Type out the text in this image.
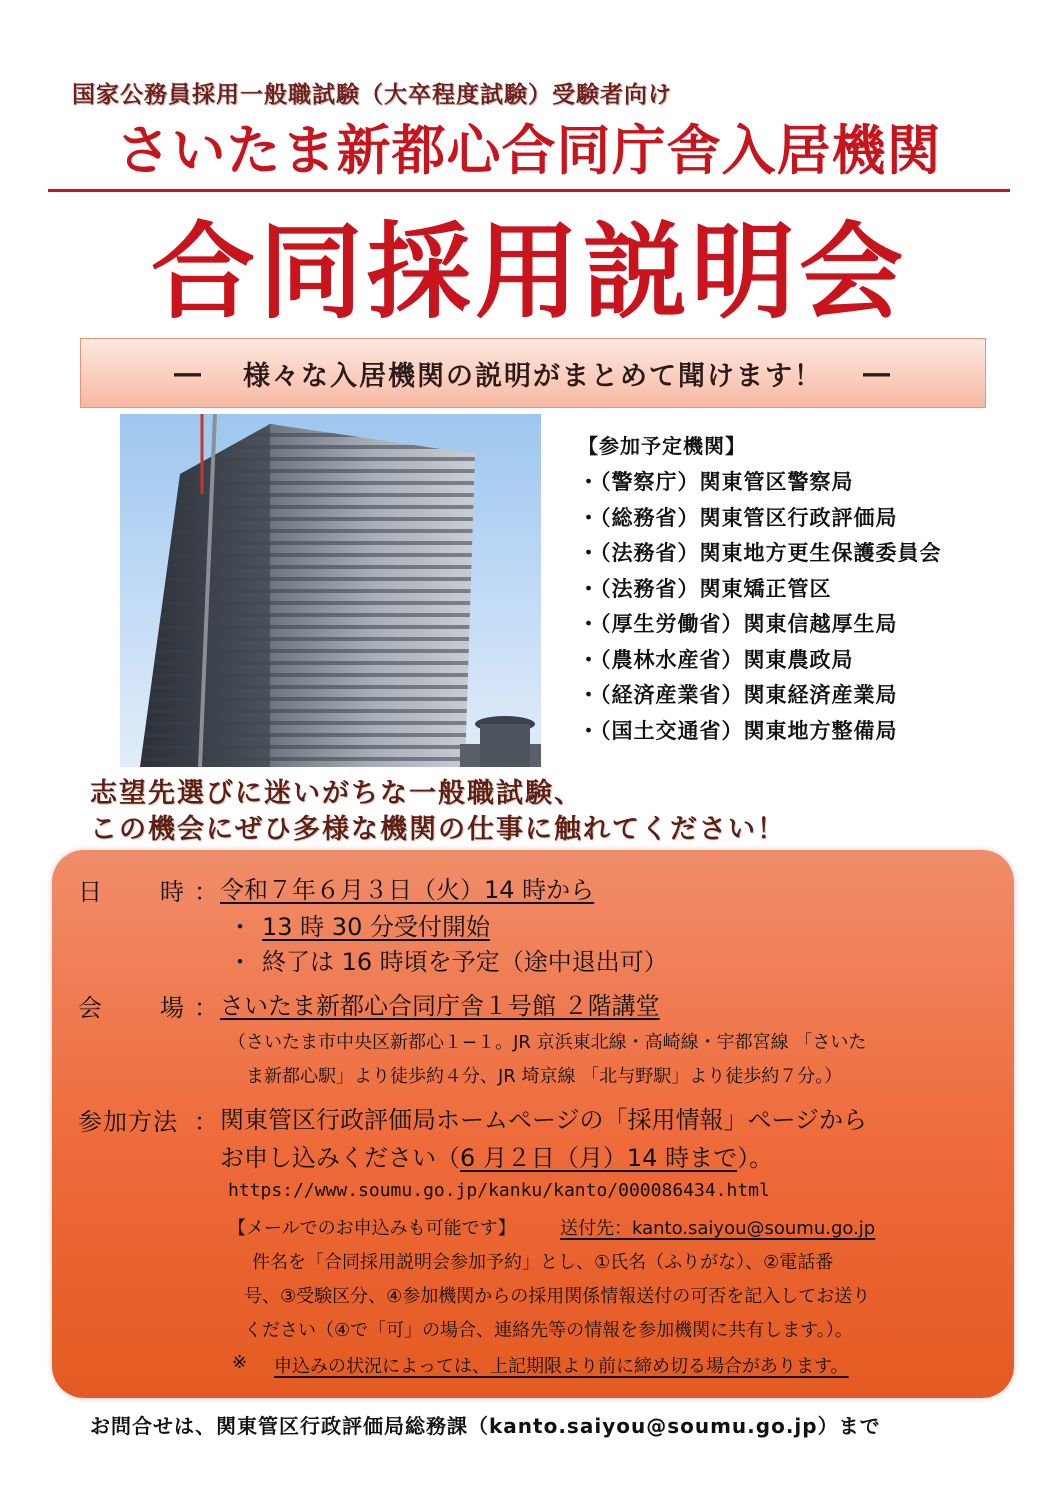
国家公務員採用一般職試験（大卒程度試験）受験者向け
さいたま新都心合同庁舎入居機関
合同採用説明会
― 様々な入居機関の説明がまとめて聞けます！ ―
【参加予定機関】
・（警察庁）関東管区警察局
・（総務省）関東管区行政評価局
・（法務省）関東地方更生保護委員会
・（法務省）関東矯正管区
・（厚生労働省）関東信越厚生局
・（農林水産省）関東農政局
・（経済産業省）関東経済産業局
・（国土交通省）関東地方整備局
志望先選びに迷いがちな一般職試験、
この機会にぜひ多様な機関の仕事に触れてください！
日 時 ： 令和７年６月３日（火）14 時から
・ 13 時 30 分受付開始
・ 終了は 16 時頃を予定（途中退出可）
会 場 ： さいたま新都心合同庁舎１号館 ２階講堂
（さいたま市中央区新都心１−１。JR 京浜東北線・高崎線・宇都宮線 「さいた
ま新都心駅」より徒歩約４分、JR 埼京線 「北与野駅」より徒歩約７分。）
参加方法 ： 関東管区行政評価局ホームページの「採用情報」ページから
お申し込みください（6 月２日（月）14 時まで）。
https://www.soumu.go.jp/kanku/kanto/000086434.html
【メールでのお申込みも可能です】 送付先：kanto.saiyou@soumu.go.jp
件名を「合同採用説明会参加予約」とし、①氏名（ふりがな）、②電話番
号、③受験区分、④参加機関からの採用関係情報送付の可否を記入してお送り
ください（④で「可」の場合、連絡先等の情報を参加機関に共有します。）。
※ 申込みの状況によっては、上記期限より前に締め切る場合があります。
お問合せは、関東管区行政評価局総務課（kanto.saiyou@soumu.go.jp）まで
